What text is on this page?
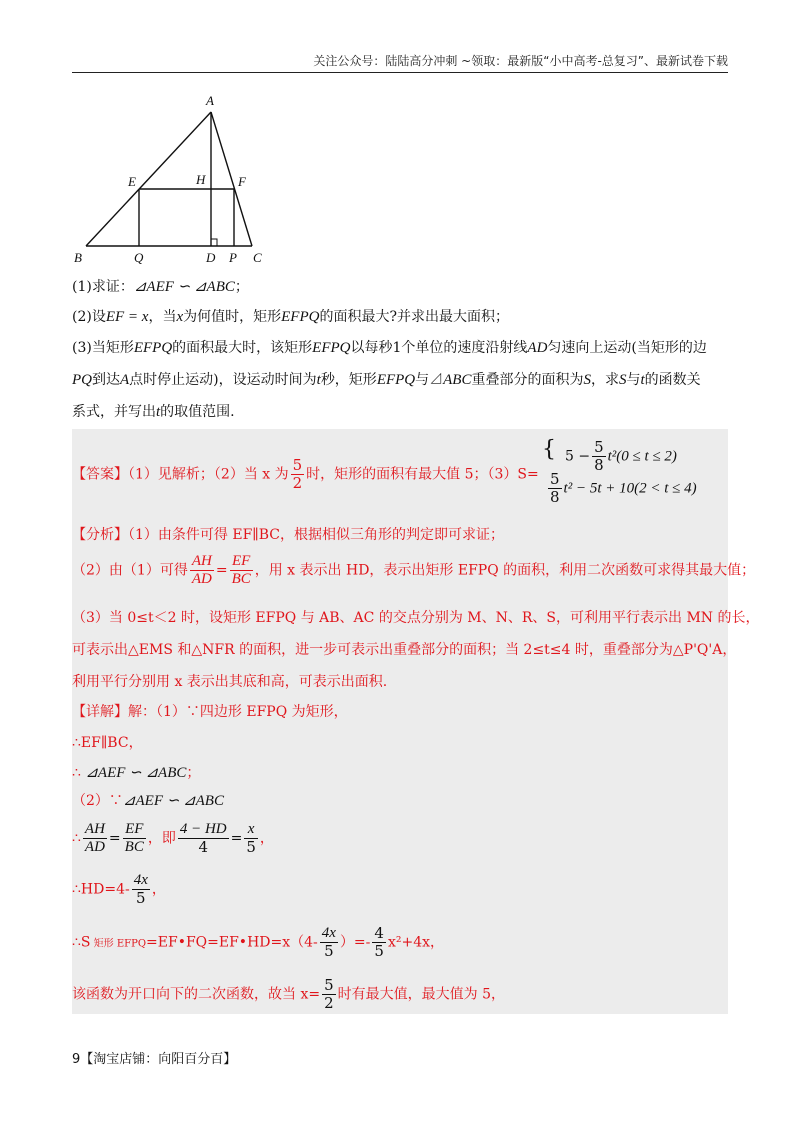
关注公众号：陆陆高分冲刺 ~领取：最新版“小中高考-总复习”、最新试卷下载
A
E	H	F
B	Q	D P C
(1)求证：⊿AEF ∽ ⊿ABC；
(2)设EF = x，当x为何值时，矩形EFPQ的面积最大?并求出最大面积；
(3)当矩形EFPQ的面积最大时，该矩形EFPQ以每秒1个单位的速度沿射线AD匀速向上运动(当矩形的边
PQ到达A点时停止运动)，设运动时间为t秒，矩形EFPQ与⊿ABC重叠部分的面积为S，求S与t的函数关
系式，并写出t的取值范围.
【答案】（1）见解析；（2）当 x 为 $\frac{5}{2}$ 时，矩形的面积有最大值 5；（3）S=
{ $5 - \frac{5}{8} t^2(0 \le t \le 2)$
$\frac{5}{8} t^2 - 5t + 10(2 < t \le 4)$
【分析】（1）由条件可得 EF∥BC，根据相似三角形的判定即可求证；
（2）由（1）可得 $\frac{AH}{AD} = \frac{EF}{BC}$ ，用 x 表示出 HD，表示出矩形 EFPQ 的面积，利用二次函数可求得其最大值；
（3）当 0≤t＜2 时，设矩形 EFPQ 与 AB、AC 的交点分别为 M、N、R、S，可利用平行表示出 MN 的长，
可表示出△EMS 和△NFR 的面积，进一步可表示出重叠部分的面积；当 2≤t≤4 时，重叠部分为△P'Q'A，
利用平行分别用 x 表示出其底和高，可表示出面积.
【详解】解：（1）∵四边形 EFPQ 为矩形，
∴EF∥BC，
∴ ⊿AEF ∽ ⊿ABC；
（2）∵⊿AEF ∽ ⊿ABC
∴ $\frac{AH}{AD} = \frac{EF}{BC}$ ，即 $\frac{4 - HD}{4} = \frac{x}{5}$ ，
∴HD=4- $\frac{4x}{5}$ ，
∴S 矩形 EFPQ=EF•FQ=EF•HD=x（4- $\frac{4x}{5}$ ）=- $\frac{4}{5} x^2+4x$，
该函数为开口向下的二次函数，故当 $x= \frac{5}{2}$ 时有最大值，最大值为 5，
9【淘宝店铺：向阳百分百】
